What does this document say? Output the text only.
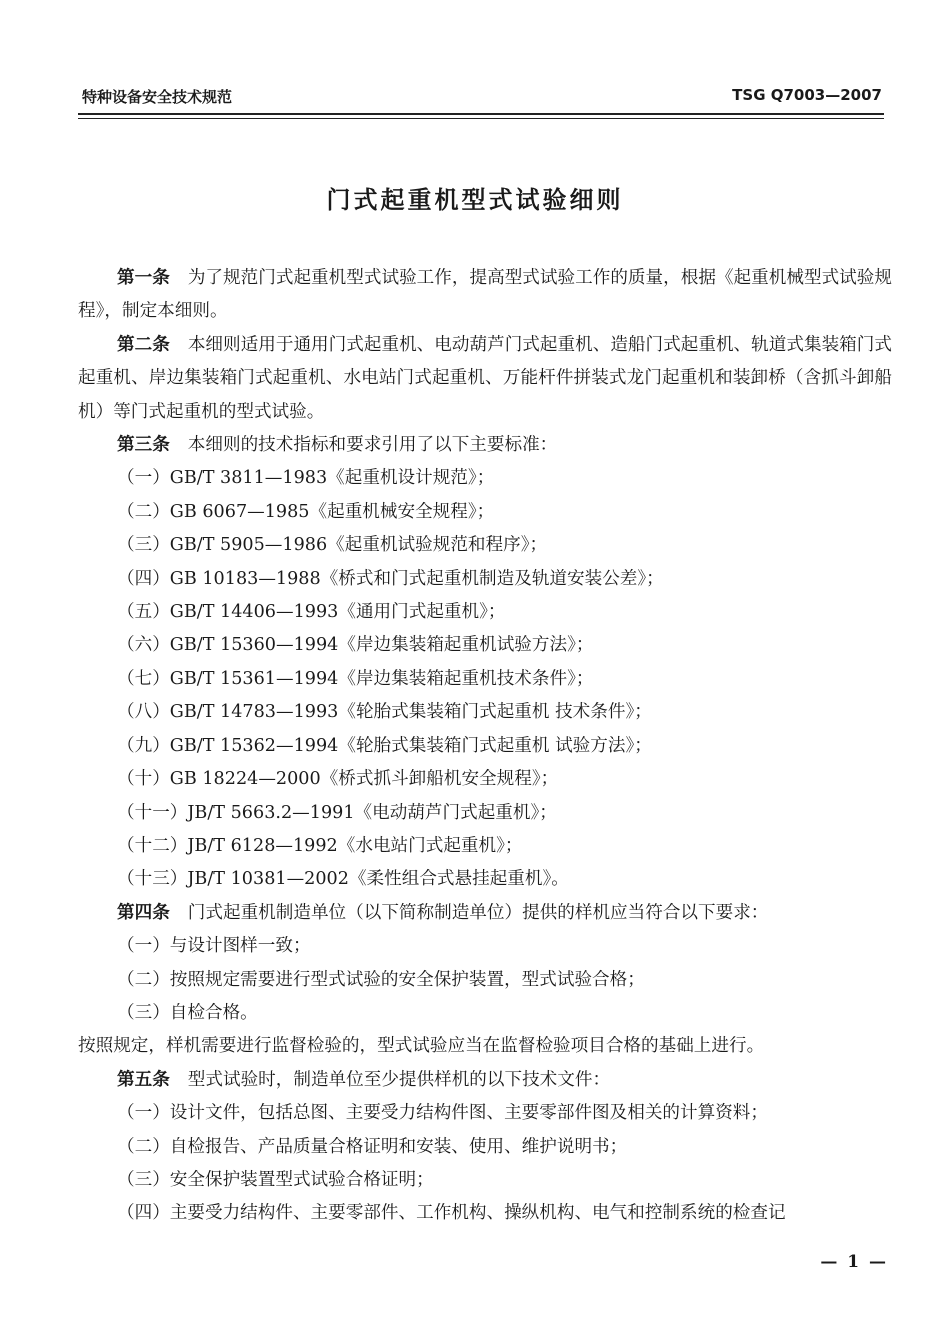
特种设备安全技术规范	TSG Q7003—2007
门式起重机型式试验细则

第一条 为了规范门式起重机型式试验工作，提高型式试验工作的质量，根据《起重机械型式试验规程》，制定本细则。

第二条 本细则适用于通用门式起重机、电动葫芦门式起重机、造船门式起重机、轨道式集装箱门式起重机、岸边集装箱门式起重机、水电站门式起重机、万能杆件拼装式龙门起重机和装卸桥（含抓斗卸船机）等门式起重机的型式试验。

第三条 本细则的技术指标和要求引用了以下主要标准：

（一）GB/T 3811—1983《起重机设计规范》；

（二）GB 6067—1985《起重机械安全规程》；

（三）GB/T 5905—1986《起重机试验规范和程序》；

（四）GB 10183—1988《桥式和门式起重机制造及轨道安装公差》；

（五）GB/T 14406—1993《通用门式起重机》；

（六）GB/T 15360—1994《岸边集装箱起重机试验方法》；

（七）GB/T 15361—1994《岸边集装箱起重机技术条件》；

（八）GB/T 14783—1993《轮胎式集装箱门式起重机 技术条件》；

（九）GB/T 15362—1994《轮胎式集装箱门式起重机 试验方法》；

（十）GB 18224—2000《桥式抓斗卸船机安全规程》；

（十一）JB/T 5663.2—1991《电动葫芦门式起重机》；

（十二）JB/T 6128—1992《水电站门式起重机》；

（十三）JB/T 10381—2002《柔性组合式悬挂起重机》。

第四条 门式起重机制造单位（以下简称制造单位）提供的样机应当符合以下要求：

（一）与设计图样一致；

（二）按照规定需要进行型式试验的安全保护装置，型式试验合格；

（三）自检合格。

按照规定，样机需要进行监督检验的，型式试验应当在监督检验项目合格的基础上进行。

第五条 型式试验时，制造单位至少提供样机的以下技术文件：

（一）设计文件，包括总图、主要受力结构件图、主要零部件图及相关的计算资料；

（二）自检报告、产品质量合格证明和安装、使用、维护说明书；

（三）安全保护装置型式试验合格证明；

（四）主要受力结构件、主要零部件、工作机构、操纵机构、电气和控制系统的检查记

— 1 —
